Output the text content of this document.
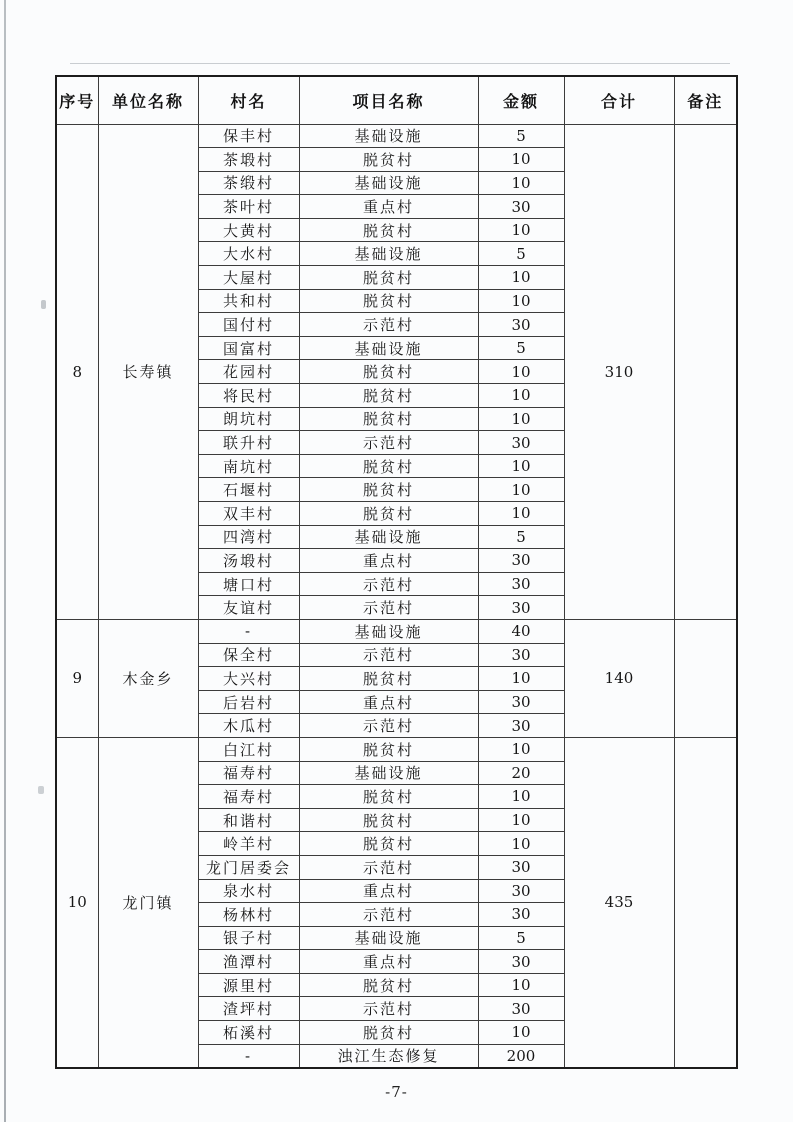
序号	单位名称	村名	项目名称	金额	合计	备注
8	长寿镇	保丰村	基础设施	5	310	
		茶塅村	脱贫村	10		
		茶缎村	基础设施	10		
		茶叶村	重点村	30		
		大黄村	脱贫村	10		
		大水村	基础设施	5		
		大屋村	脱贫村	10		
		共和村	脱贫村	10		
		国付村	示范村	30		
		国富村	基础设施	5		
		花园村	脱贫村	10		
		将民村	脱贫村	10		
		朗坑村	脱贫村	10		
		联升村	示范村	30		
		南坑村	脱贫村	10		
		石堰村	脱贫村	10		
		双丰村	脱贫村	10		
		四湾村	基础设施	5		
		汤塅村	重点村	30		
		塘口村	示范村	30		
		友谊村	示范村	30		
9	木金乡	-	基础设施	40	140	
		保全村	示范村	30		
		大兴村	脱贫村	10		
		后岩村	重点村	30		
		木瓜村	示范村	30		
10	龙门镇	白江村	脱贫村	10	435	
		福寿村	基础设施	20		
		福寿村	脱贫村	10		
		和谐村	脱贫村	10		
		岭羊村	脱贫村	10		
		龙门居委会	示范村	30		
		泉水村	重点村	30		
		杨林村	示范村	30		
		银子村	基础设施	5		
		渔潭村	重点村	30		
		源里村	脱贫村	10		
		渣坪村	示范村	30		
		柘溪村	脱贫村	10		
		-	浊江生态修复	200		
-7-
